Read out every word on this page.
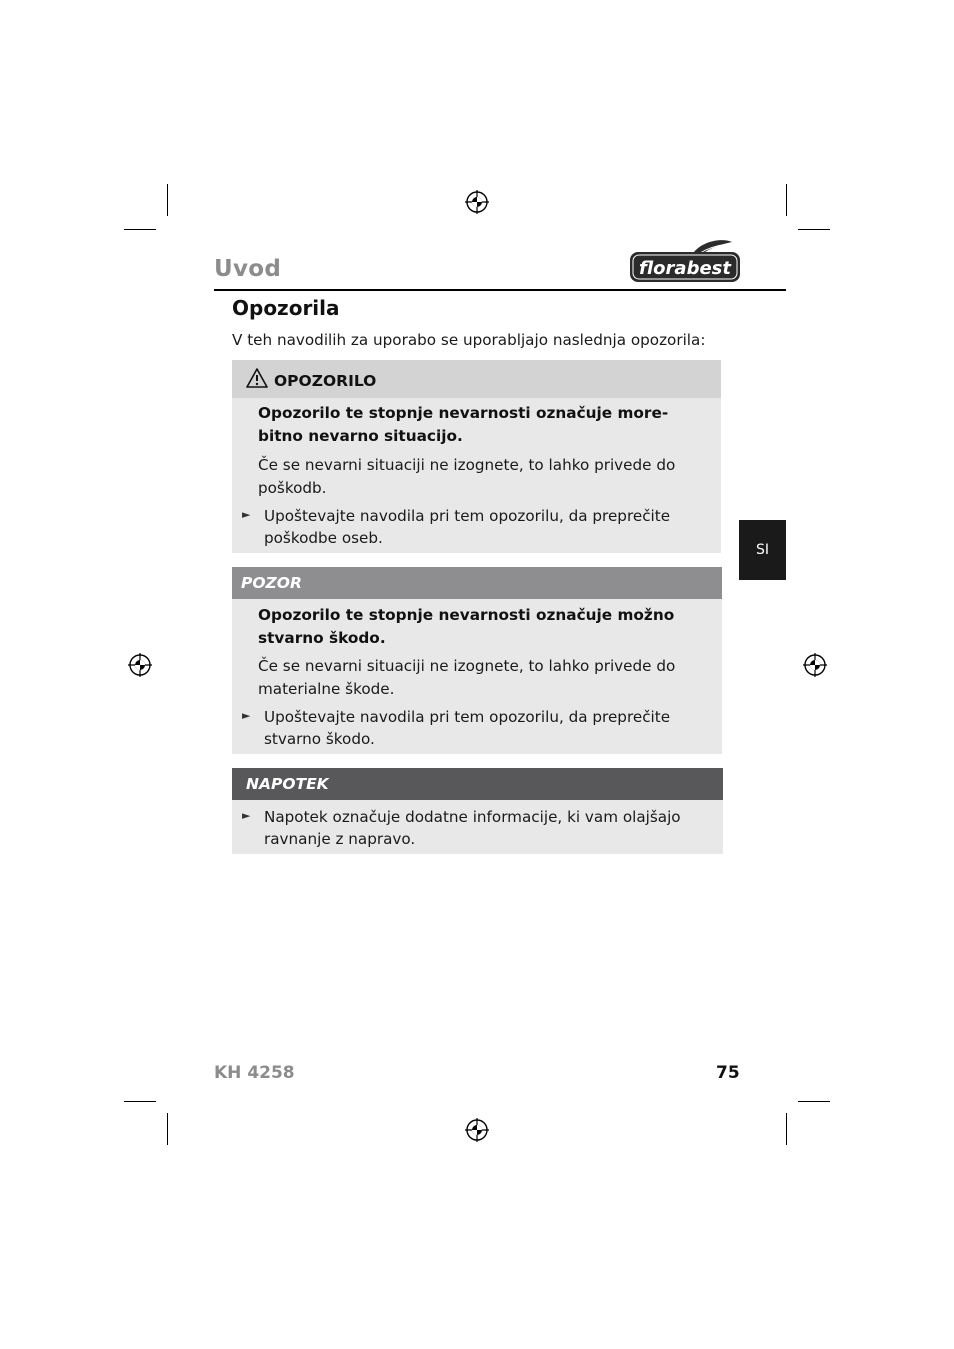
Uvod	florabest
Opozorila
V teh navodilih za uporabo se uporabljajo naslednja opozorila:
OPOZORILO
Opozorilo te stopnje nevarnosti označuje more-
bitno nevarno situacijo.
Če se nevarni situaciji ne izognete, to lahko privede do
poškodb.
► Upoštevajte navodila pri tem opozorilu, da preprečite
poškodbe oseb.
POZOR
Opozorilo te stopnje nevarnosti označuje možno
stvarno škodo.
Če se nevarni situaciji ne izognete, to lahko privede do
materialne škode.
► Upoštevajte navodila pri tem opozorilu, da preprečite
stvarno škodo.
NAPOTEK
► Napotek označuje dodatne informacije, ki vam olajšajo
ravnanje z napravo.
SI
KH 4258	75
